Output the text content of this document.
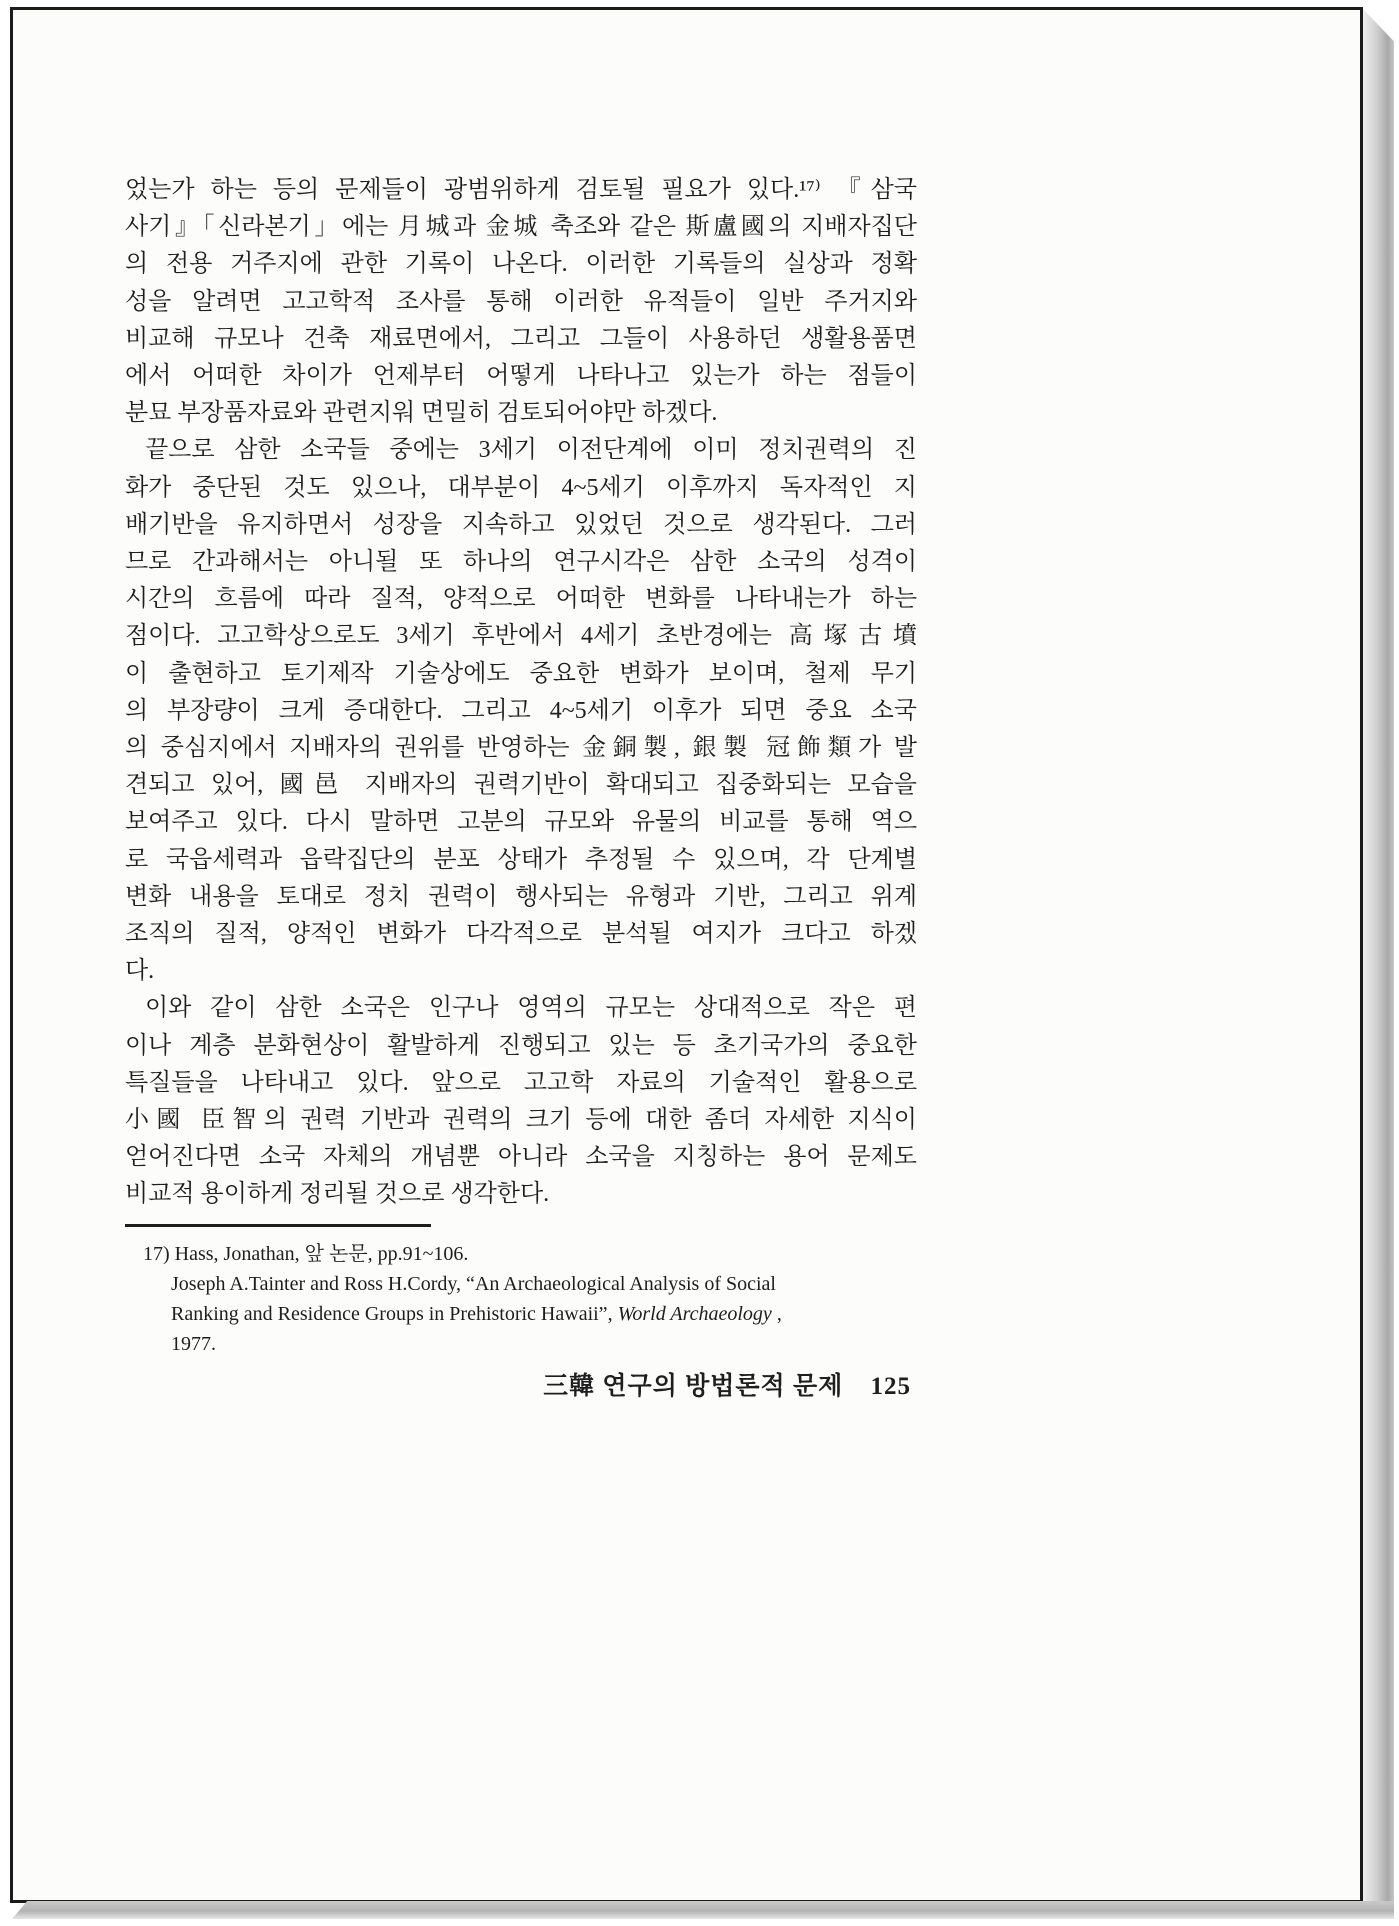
었는가 하는 등의 문제들이 광범위하게 검토될 필요가 있다.¹⁷⁾ 『삼국
사기』「신라본기」에는 月城과 金城 축조와 같은 斯盧國의 지배자집단
의 전용 거주지에 관한 기록이 나온다. 이러한 기록들의 실상과 정확
성을 알려면 고고학적 조사를 통해 이러한 유적들이 일반 주거지와
비교해 규모나 건축 재료면에서, 그리고 그들이 사용하던 생활용품면
에서 어떠한 차이가 언제부터 어떻게 나타나고 있는가 하는 점들이
분묘 부장품자료와 관련지워 면밀히 검토되어야만 하겠다.
끝으로 삼한 소국들 중에는 3세기 이전단계에 이미 정치권력의 진
화가 중단된 것도 있으나, 대부분이 4~5세기 이후까지 독자적인 지
배기반을 유지하면서 성장을 지속하고 있었던 것으로 생각된다. 그러
므로 간과해서는 아니될 또 하나의 연구시각은 삼한 소국의 성격이
시간의 흐름에 따라 질적, 양적으로 어떠한 변화를 나타내는가 하는
점이다. 고고학상으로도 3세기 후반에서 4세기 초반경에는 高塚古墳
이 출현하고 토기제작 기술상에도 중요한 변화가 보이며, 철제 무기
의 부장량이 크게 증대한다. 그리고 4~5세기 이후가 되면 중요 소국
의 중심지에서 지배자의 권위를 반영하는 金銅製, 銀製 冠飾類가 발
견되고 있어, 國邑 지배자의 권력기반이 확대되고 집중화되는 모습을
보여주고 있다. 다시 말하면 고분의 규모와 유물의 비교를 통해 역으
로 국읍세력과 읍락집단의 분포 상태가 추정될 수 있으며, 각 단계별
변화 내용을 토대로 정치 권력이 행사되는 유형과 기반, 그리고 위계
조직의 질적, 양적인 변화가 다각적으로 분석될 여지가 크다고 하겠
다.
이와 같이 삼한 소국은 인구나 영역의 규모는 상대적으로 작은 편
이나 계층 분화현상이 활발하게 진행되고 있는 등 초기국가의 중요한
특질들을 나타내고 있다. 앞으로 고고학 자료의 기술적인 활용으로
小國 臣智의 권력 기반과 권력의 크기 등에 대한 좀더 자세한 지식이
얻어진다면 소국 자체의 개념뿐 아니라 소국을 지칭하는 용어 문제도
비교적 용이하게 정리될 것으로 생각한다.
17) Hass, Jonathan, 앞 논문, pp.91~106.
Joseph A.Tainter and Ross H.Cordy, “An Archaeological Analysis of Social
Ranking and Residence Groups in Prehistoric Hawaii”, World Archaeology ,
1977.
三韓 연구의 방법론적 문제 125
